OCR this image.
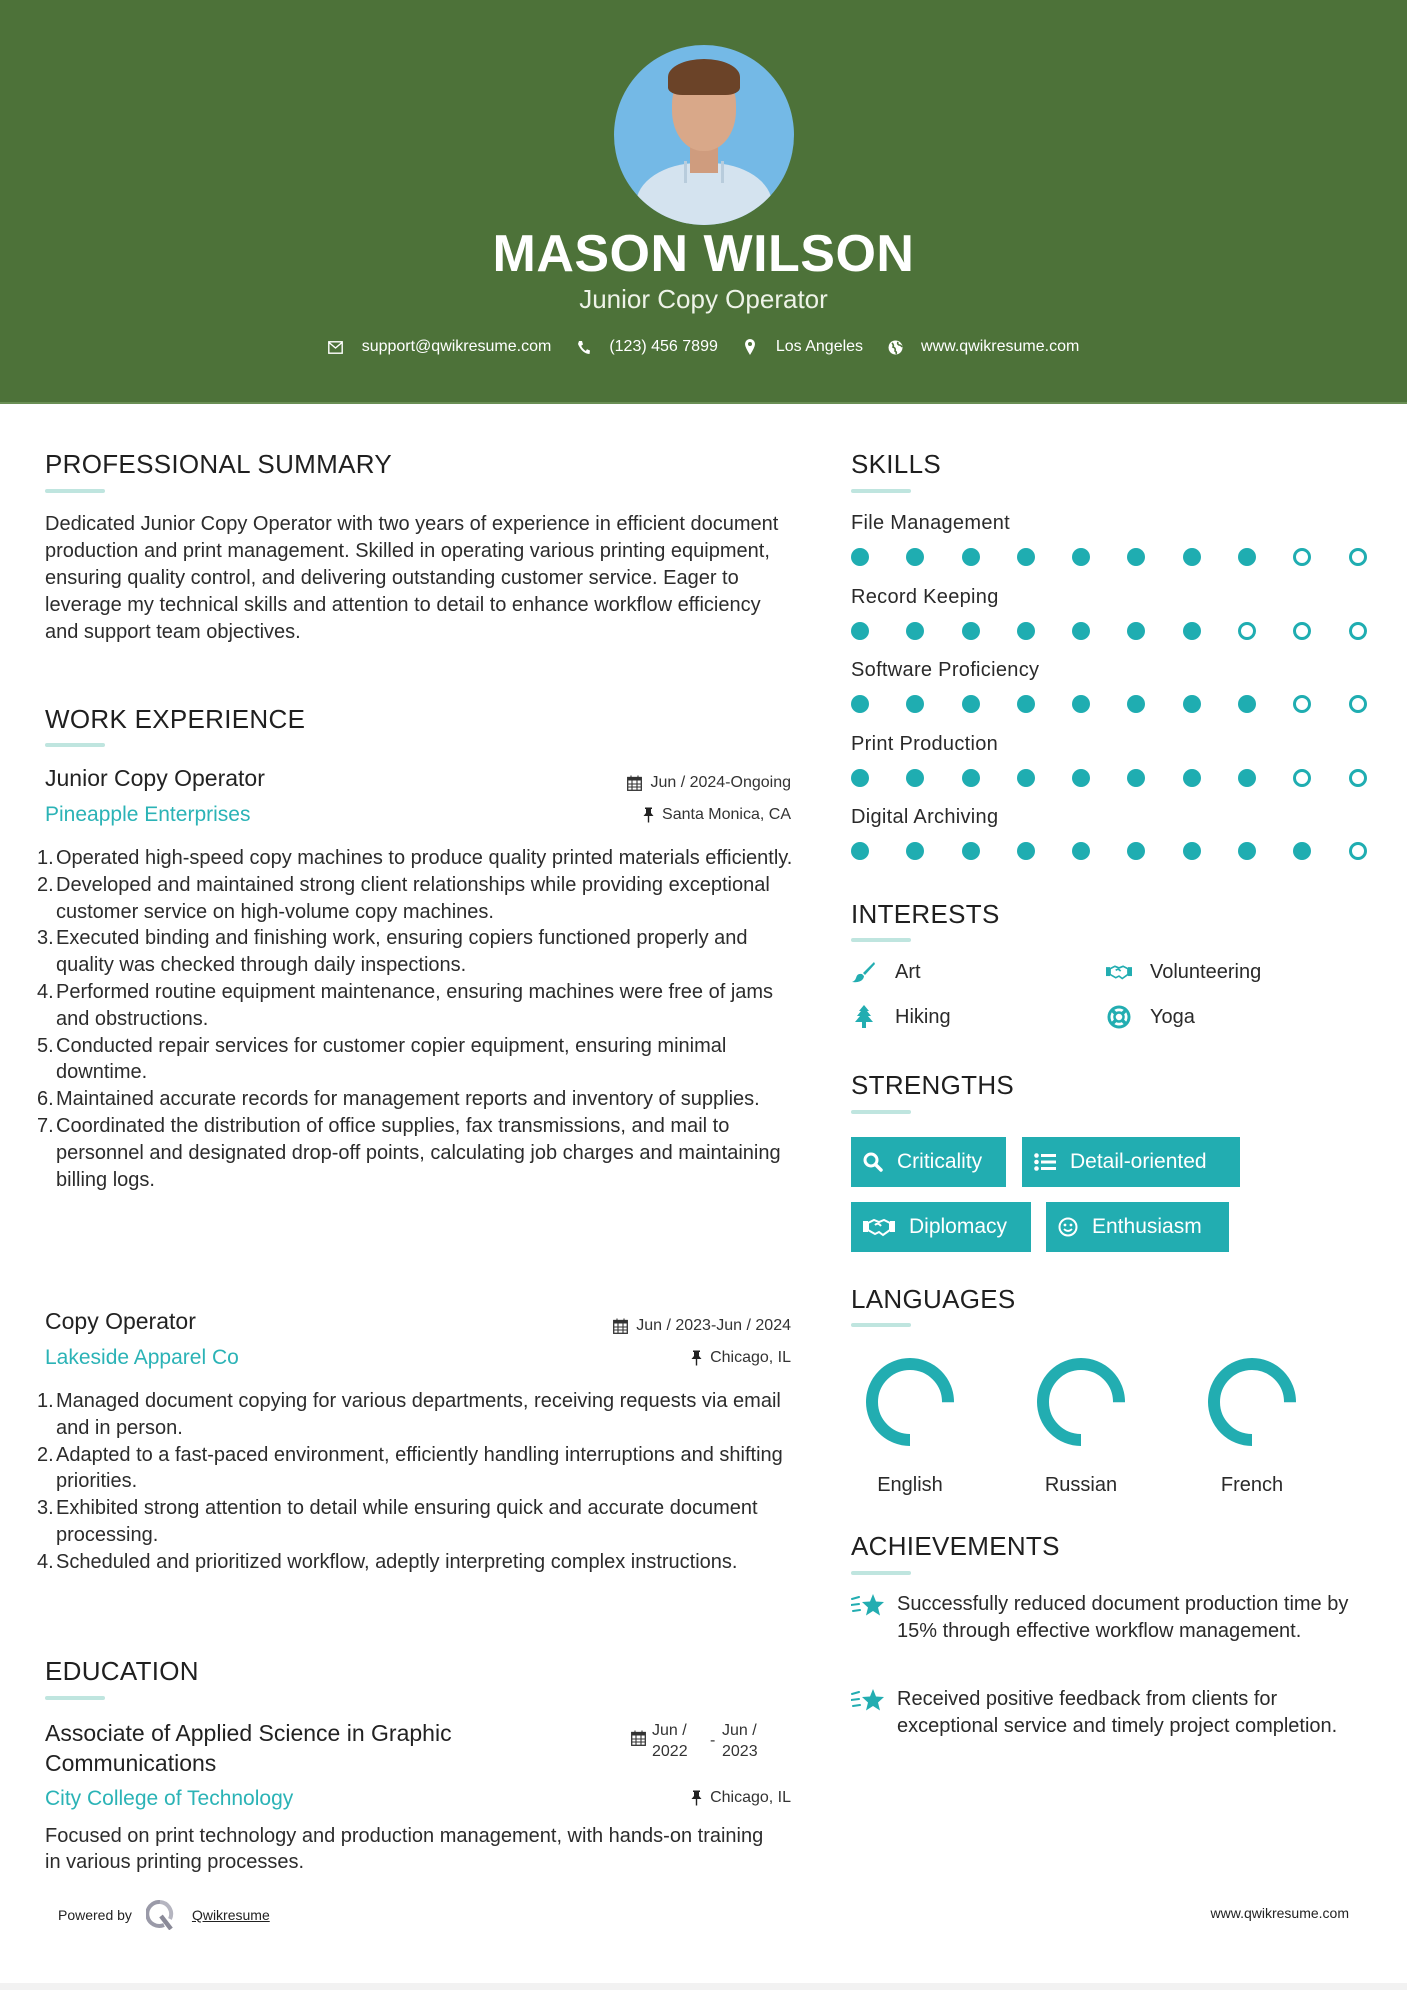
MASON WILSON
Junior Copy Operator
support@qwikresume.com	(123) 456 7899	Los Angeles	www.qwikresume.com
PROFESSIONAL SUMMARY
Dedicated Junior Copy Operator with two years of experience in efficient document production and print management. Skilled in operating various printing equipment, ensuring quality control, and delivering outstanding customer service. Eager to leverage my technical skills and attention to detail to enhance workflow efficiency and support team objectives.
WORK EXPERIENCE
Junior Copy Operator	Jun / 2024-Ongoing
Pineapple Enterprises	Santa Monica, CA
1. Operated high-speed copy machines to produce quality printed materials efficiently.
2. Developed and maintained strong client relationships while providing exceptional customer service on high-volume copy machines.
3. Executed binding and finishing work, ensuring copiers functioned properly and quality was checked through daily inspections.
4. Performed routine equipment maintenance, ensuring machines were free of jams and obstructions.
5. Conducted repair services for customer copier equipment, ensuring minimal downtime.
6. Maintained accurate records for management reports and inventory of supplies.
7. Coordinated the distribution of office supplies, fax transmissions, and mail to personnel and designated drop-off points, calculating job charges and maintaining billing logs.
Copy Operator	Jun / 2023-Jun / 2024
Lakeside Apparel Co	Chicago, IL
1. Managed document copying for various departments, receiving requests via email and in person.
2. Adapted to a fast-paced environment, efficiently handling interruptions and shifting priorities.
3. Exhibited strong attention to detail while ensuring quick and accurate document processing.
4. Scheduled and prioritized workflow, adeptly interpreting complex instructions.
EDUCATION
Associate of Applied Science in Graphic Communications
Jun /
2022
-
Jun /
2023
City College of Technology	Chicago, IL
Focused on print technology and production management, with hands-on training in various printing processes.
SKILLS
File Management
Record Keeping
Software Proficiency
Print Production
Digital Archiving
INTERESTS
Art	Volunteering
Hiking	Yoga
STRENGTHS
Criticality	Detail-oriented
Diplomacy	Enthusiasm
LANGUAGES
English	Russian	French
ACHIEVEMENTS
Successfully reduced document production time by 15% through effective workflow management.
Received positive feedback from clients for exceptional service and timely project completion.
Powered by	Qwikresume	www.qwikresume.com
